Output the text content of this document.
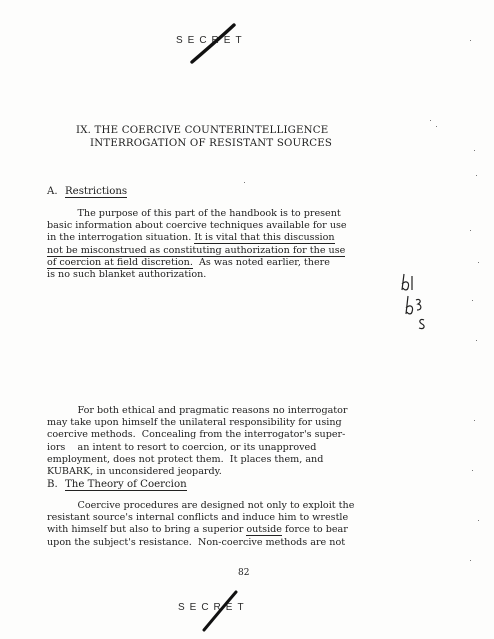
SECRET
IX. THE COERCIVE COUNTERINTELLIGENCE
INTERROGATION OF RESISTANT SOURCES
A. Restrictions
The purpose of this part of the handbook is to present
basic information about coercive techniques available for use
in the interrogation situation. It is vital that this discussion
not be misconstrued as constituting authorization for the use
of coercion at field discretion.  As was noted earlier, there
is no such blanket authorization.
For both ethical and pragmatic reasons no interrogator
may take upon himself the unilateral responsibility for using
coercive methods.  Concealing from the interrogator's super-
iors    an intent to resort to coercion, or its unapproved
employment, does not protect them.  It places them, and
KUBARK, in unconsidered jeopardy.
B. The Theory of Coercion
Coercive procedures are designed not only to exploit the
resistant source's internal conflicts and induce him to wrestle
with himself but also to bring a superior outside force to bear
upon the subject's resistance.  Non-coercive methods are not
82
SECRET
